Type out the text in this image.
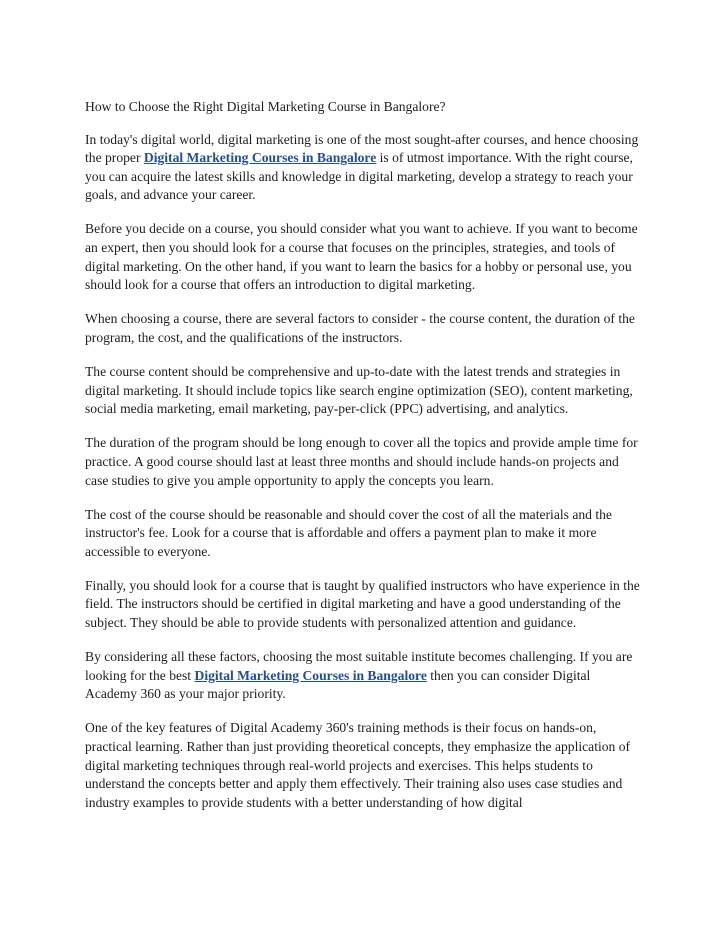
How to Choose the Right Digital Marketing Course in Bangalore?

In today's digital world, digital marketing is one of the most sought-after courses, and hence choosing the proper Digital Marketing Courses in Bangalore is of utmost importance. With the right course, you can acquire the latest skills and knowledge in digital marketing, develop a strategy to reach your goals, and advance your career.

Before you decide on a course, you should consider what you want to achieve. If you want to become an expert, then you should look for a course that focuses on the principles, strategies, and tools of digital marketing. On the other hand, if you want to learn the basics for a hobby or personal use, you should look for a course that offers an introduction to digital marketing.

When choosing a course, there are several factors to consider - the course content, the duration of the program, the cost, and the qualifications of the instructors.

The course content should be comprehensive and up-to-date with the latest trends and strategies in digital marketing. It should include topics like search engine optimization (SEO), content marketing, social media marketing, email marketing, pay-per-click (PPC) advertising, and analytics.

The duration of the program should be long enough to cover all the topics and provide ample time for practice. A good course should last at least three months and should include hands-on projects and case studies to give you ample opportunity to apply the concepts you learn.

The cost of the course should be reasonable and should cover the cost of all the materials and the instructor's fee. Look for a course that is affordable and offers a payment plan to make it more accessible to everyone.

Finally, you should look for a course that is taught by qualified instructors who have experience in the field. The instructors should be certified in digital marketing and have a good understanding of the subject. They should be able to provide students with personalized attention and guidance.

By considering all these factors, choosing the most suitable institute becomes challenging. If you are looking for the best Digital Marketing Courses in Bangalore then you can consider Digital Academy 360 as your major priority.

One of the key features of Digital Academy 360's training methods is their focus on hands-on, practical learning. Rather than just providing theoretical concepts, they emphasize the application of digital marketing techniques through real-world projects and exercises. This helps students to understand the concepts better and apply them effectively. Their training also uses case studies and industry examples to provide students with a better understanding of how digital
